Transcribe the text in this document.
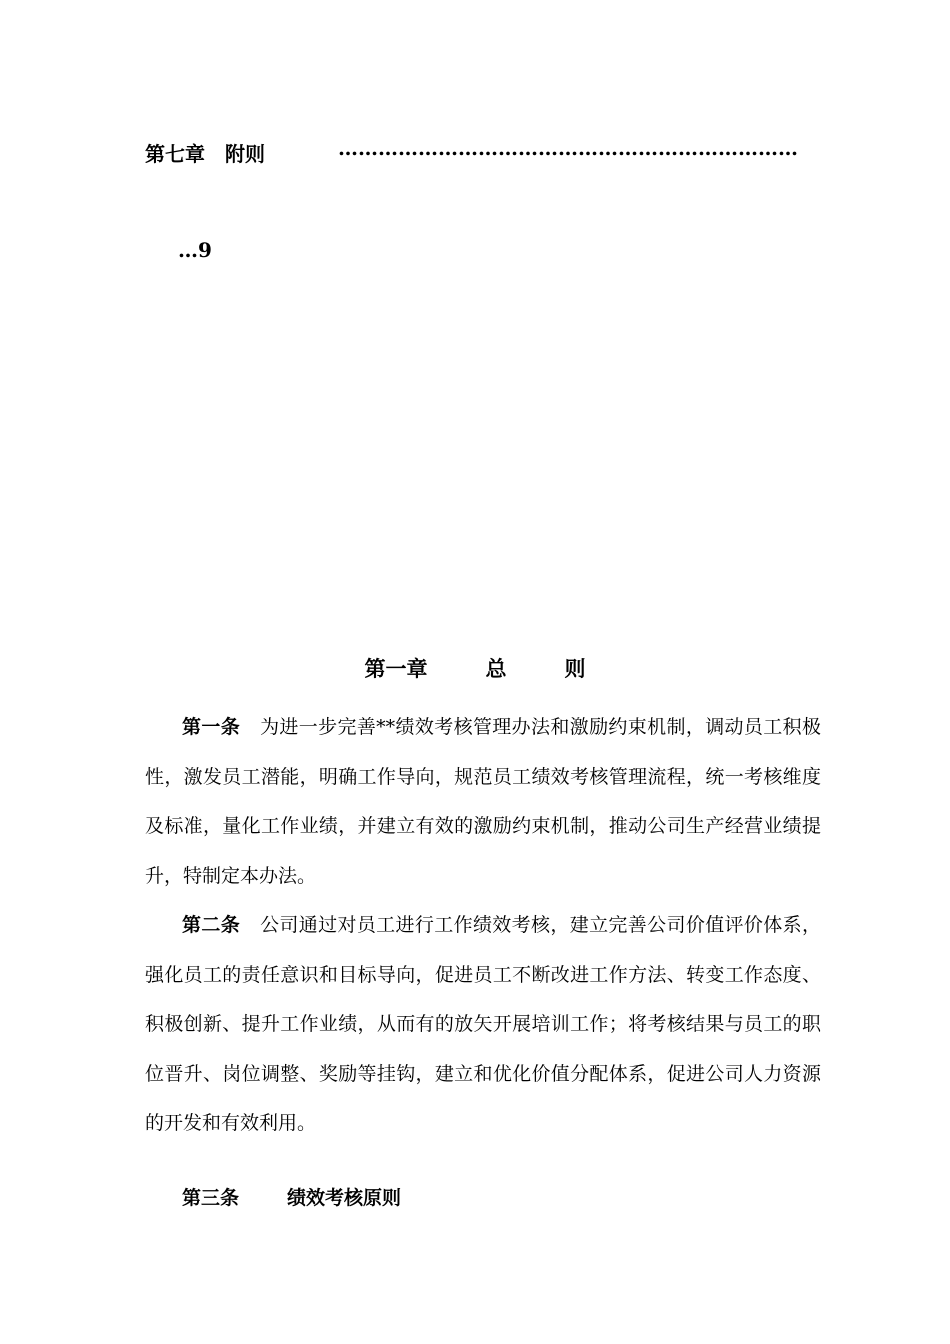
第七章　附则	……………………………………………………………
…9
第一章	总	则
第一条 为进一步完善**绩效考核管理办法和激励约束机制，调动员工积极性，激发员工潜能，明确工作导向，规范员工绩效考核管理流程，统一考核维度及标准，量化工作业绩，并建立有效的激励约束机制，推动公司生产经营业绩提升，特制定本办法。
第二条 公司通过对员工进行工作绩效考核，建立完善公司价值评价体系，强化员工的责任意识和目标导向，促进员工不断改进工作方法、转变工作态度、积极创新、提升工作业绩，从而有的放矢开展培训工作；将考核结果与员工的职位晋升、岗位调整、奖励等挂钩，建立和优化价值分配体系，促进公司人力资源的开发和有效利用。
第三条	绩效考核原则
